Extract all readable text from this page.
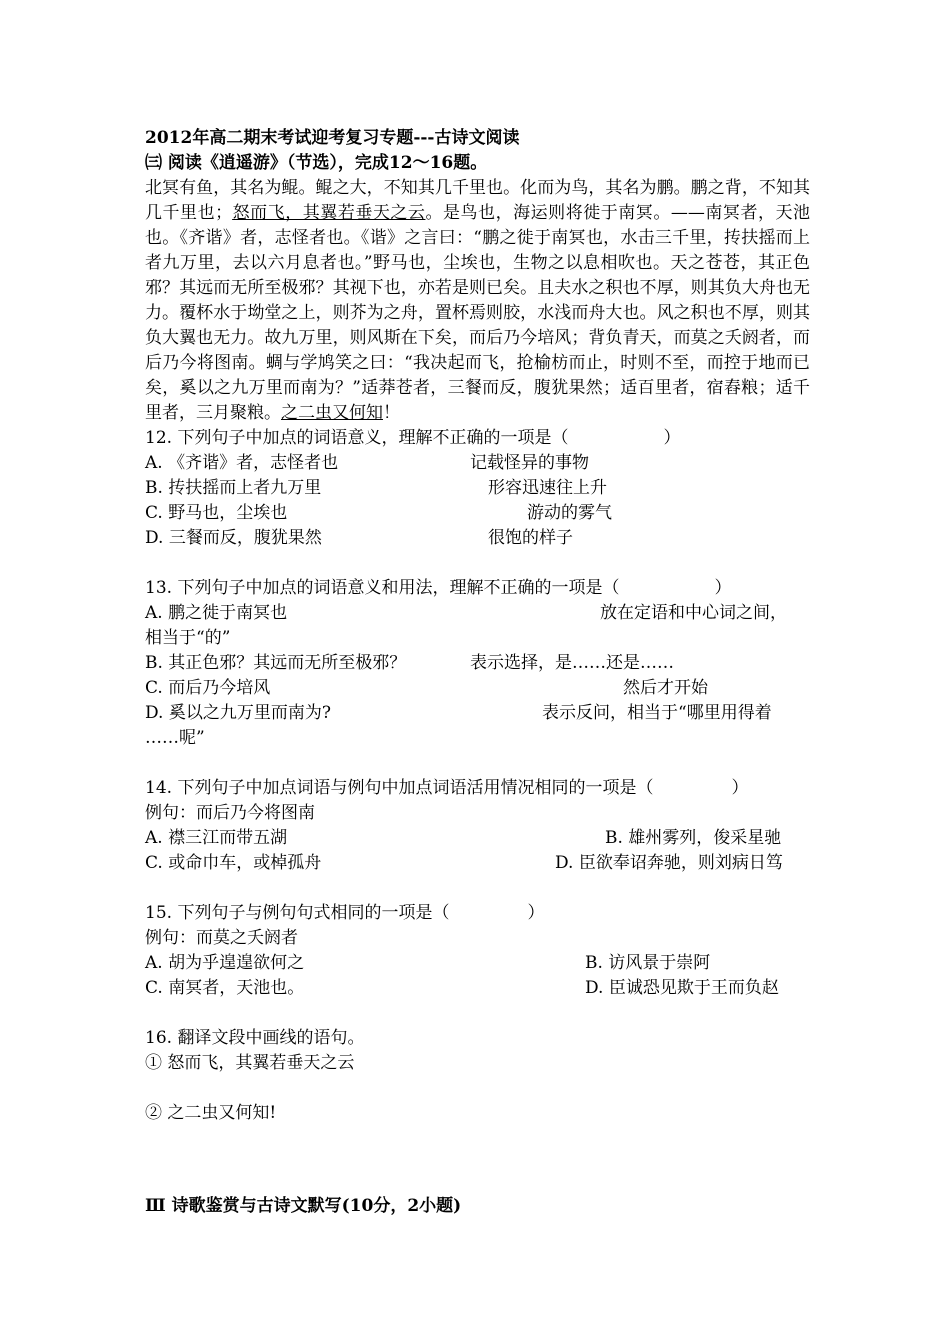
2012年高二期末考试迎考复习专题---古诗文阅读
㈢ 阅读《逍遥游》（节选），完成12～16题。

北冥有鱼，其名为鲲。鲲之大，不知其几千里也。化而为鸟，其名为鹏。鹏之背，不知其几千里也；怒而飞，其翼若垂天之云。是鸟也，海运则将徙于南冥。——南冥者，天池也。《齐谐》者，志怪者也。《谐》之言曰：“鹏之徙于南冥也，水击三千里，抟扶摇而上者九万里，去以六月息者也。”野马也，尘埃也，生物之以息相吹也。天之苍苍，其正色邪？其远而无所至极邪？其视下也，亦若是则已矣。且夫水之积也不厚，则其负大舟也无力。覆杯水于坳堂之上，则芥为之舟，置杯焉则胶，水浅而舟大也。风之积也不厚，则其负大翼也无力。故九万里，则风斯在下矣，而后乃今培风；背负青天，而莫之夭阏者，而后乃今将图南。蜩与学鸠笑之曰：“我决起而飞，抢榆枋而止，时则不至，而控于地而已矣，奚以之九万里而南为？”适莽苍者，三餐而反，腹犹果然；适百里者，宿舂粮；适千里者，三月聚粮。之二虫又何知！

12. 下列句子中加点的词语意义，理解不正确的一项是（	）
A. 《齐谐》者，志怪者也	记载怪异的事物
B. 抟扶摇而上者九万里	形容迅速往上升
C. 野马也，尘埃也	游动的雾气
D. 三餐而反，腹犹果然	很饱的样子
13. 下列句子中加点的词语意义和用法，理解不正确的一项是（	）
A. 鹏之徙于南冥也	放在定语和中心词之间，
相当于“的”
B. 其正色邪？其远而无所至极邪？	表示选择，是……还是……
C. 而后乃今培风	然后才开始
D. 奚以之九万里而南为?	表示反问，相当于“哪里用得着
……呢”
14. 下列句子中加点词语与例句中加点词语活用情况相同的一项是（	）
例句：而后乃今将图南
A. 襟三江而带五湖	B. 雄州雾列，俊采星驰
C. 或命巾车，或棹孤舟	D. 臣欲奉诏奔驰，则刘病日笃
15. 下列句子与例句句式相同的一项是（	）
例句：而莫之夭阏者
A. 胡为乎遑遑欲何之	B. 访风景于崇阿
C. 南冥者，天池也。	D. 臣诚恐见欺于王而负赵
16. 翻译文段中画线的语句。
① 怒而飞，其翼若垂天之云
② 之二虫又何知!
Ⅲ 诗歌鉴赏与古诗文默写(10分，2小题)
